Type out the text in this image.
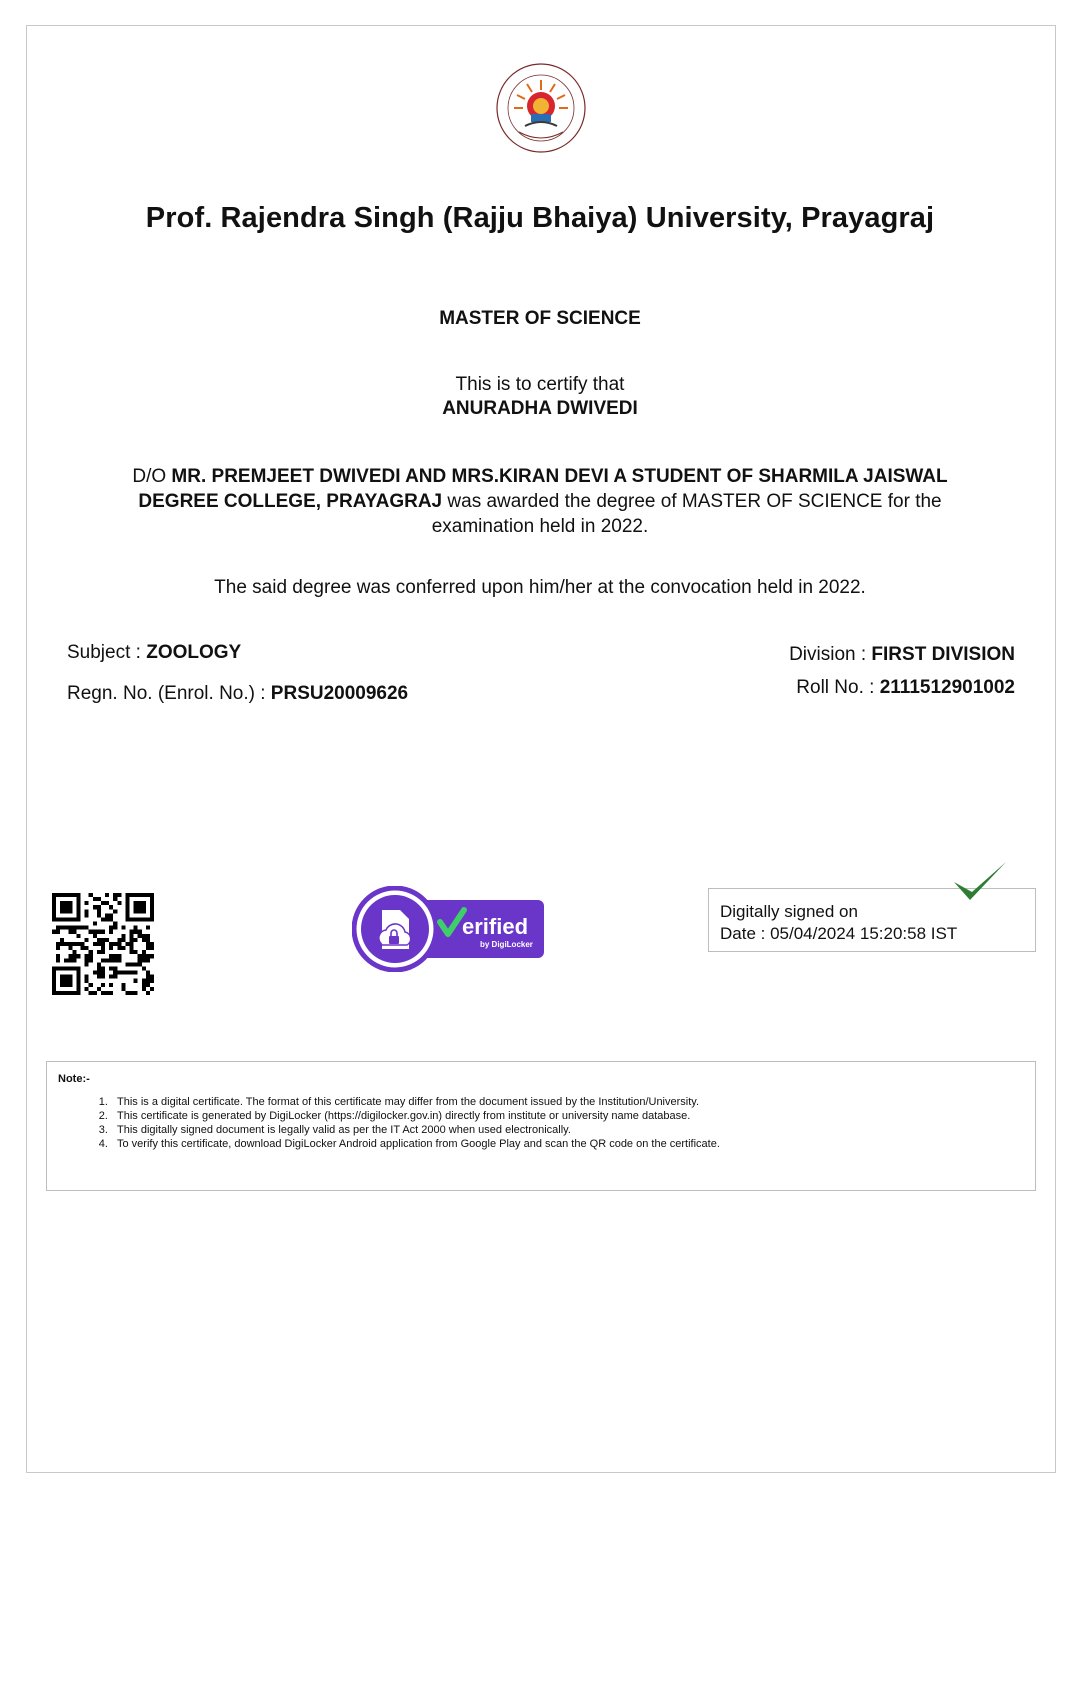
Prof. Rajendra Singh (Rajju Bhaiya) University, Prayagraj
MASTER OF SCIENCE
This is to certify that
ANURADHA DWIVEDI
D/O MR. PREMJEET DWIVEDI AND MRS.KIRAN DEVI A STUDENT OF SHARMILA JAISWAL DEGREE COLLEGE, PRAYAGRAJ was awarded the degree of MASTER OF SCIENCE for the examination held in 2022.
The said degree was conferred upon him/her at the convocation held in 2022.
Subject : ZOOLOGY
Regn. No. (Enrol. No.) : PRSU20009626
Division : FIRST DIVISION
Roll No. : 2111512901002
erified
by DigiLocker
Digitally signed on
Date : 05/04/2024 15:20:58 IST
Note:-
1. This is a digital certificate. The format of this certificate may differ from the document issued by the Institution/University.
2. This certificate is generated by DigiLocker (https://digilocker.gov.in) directly from institute or university name database.
3. This digitally signed document is legally valid as per the IT Act 2000 when used electronically.
4. To verify this certificate, download DigiLocker Android application from Google Play and scan the QR code on the certificate.
